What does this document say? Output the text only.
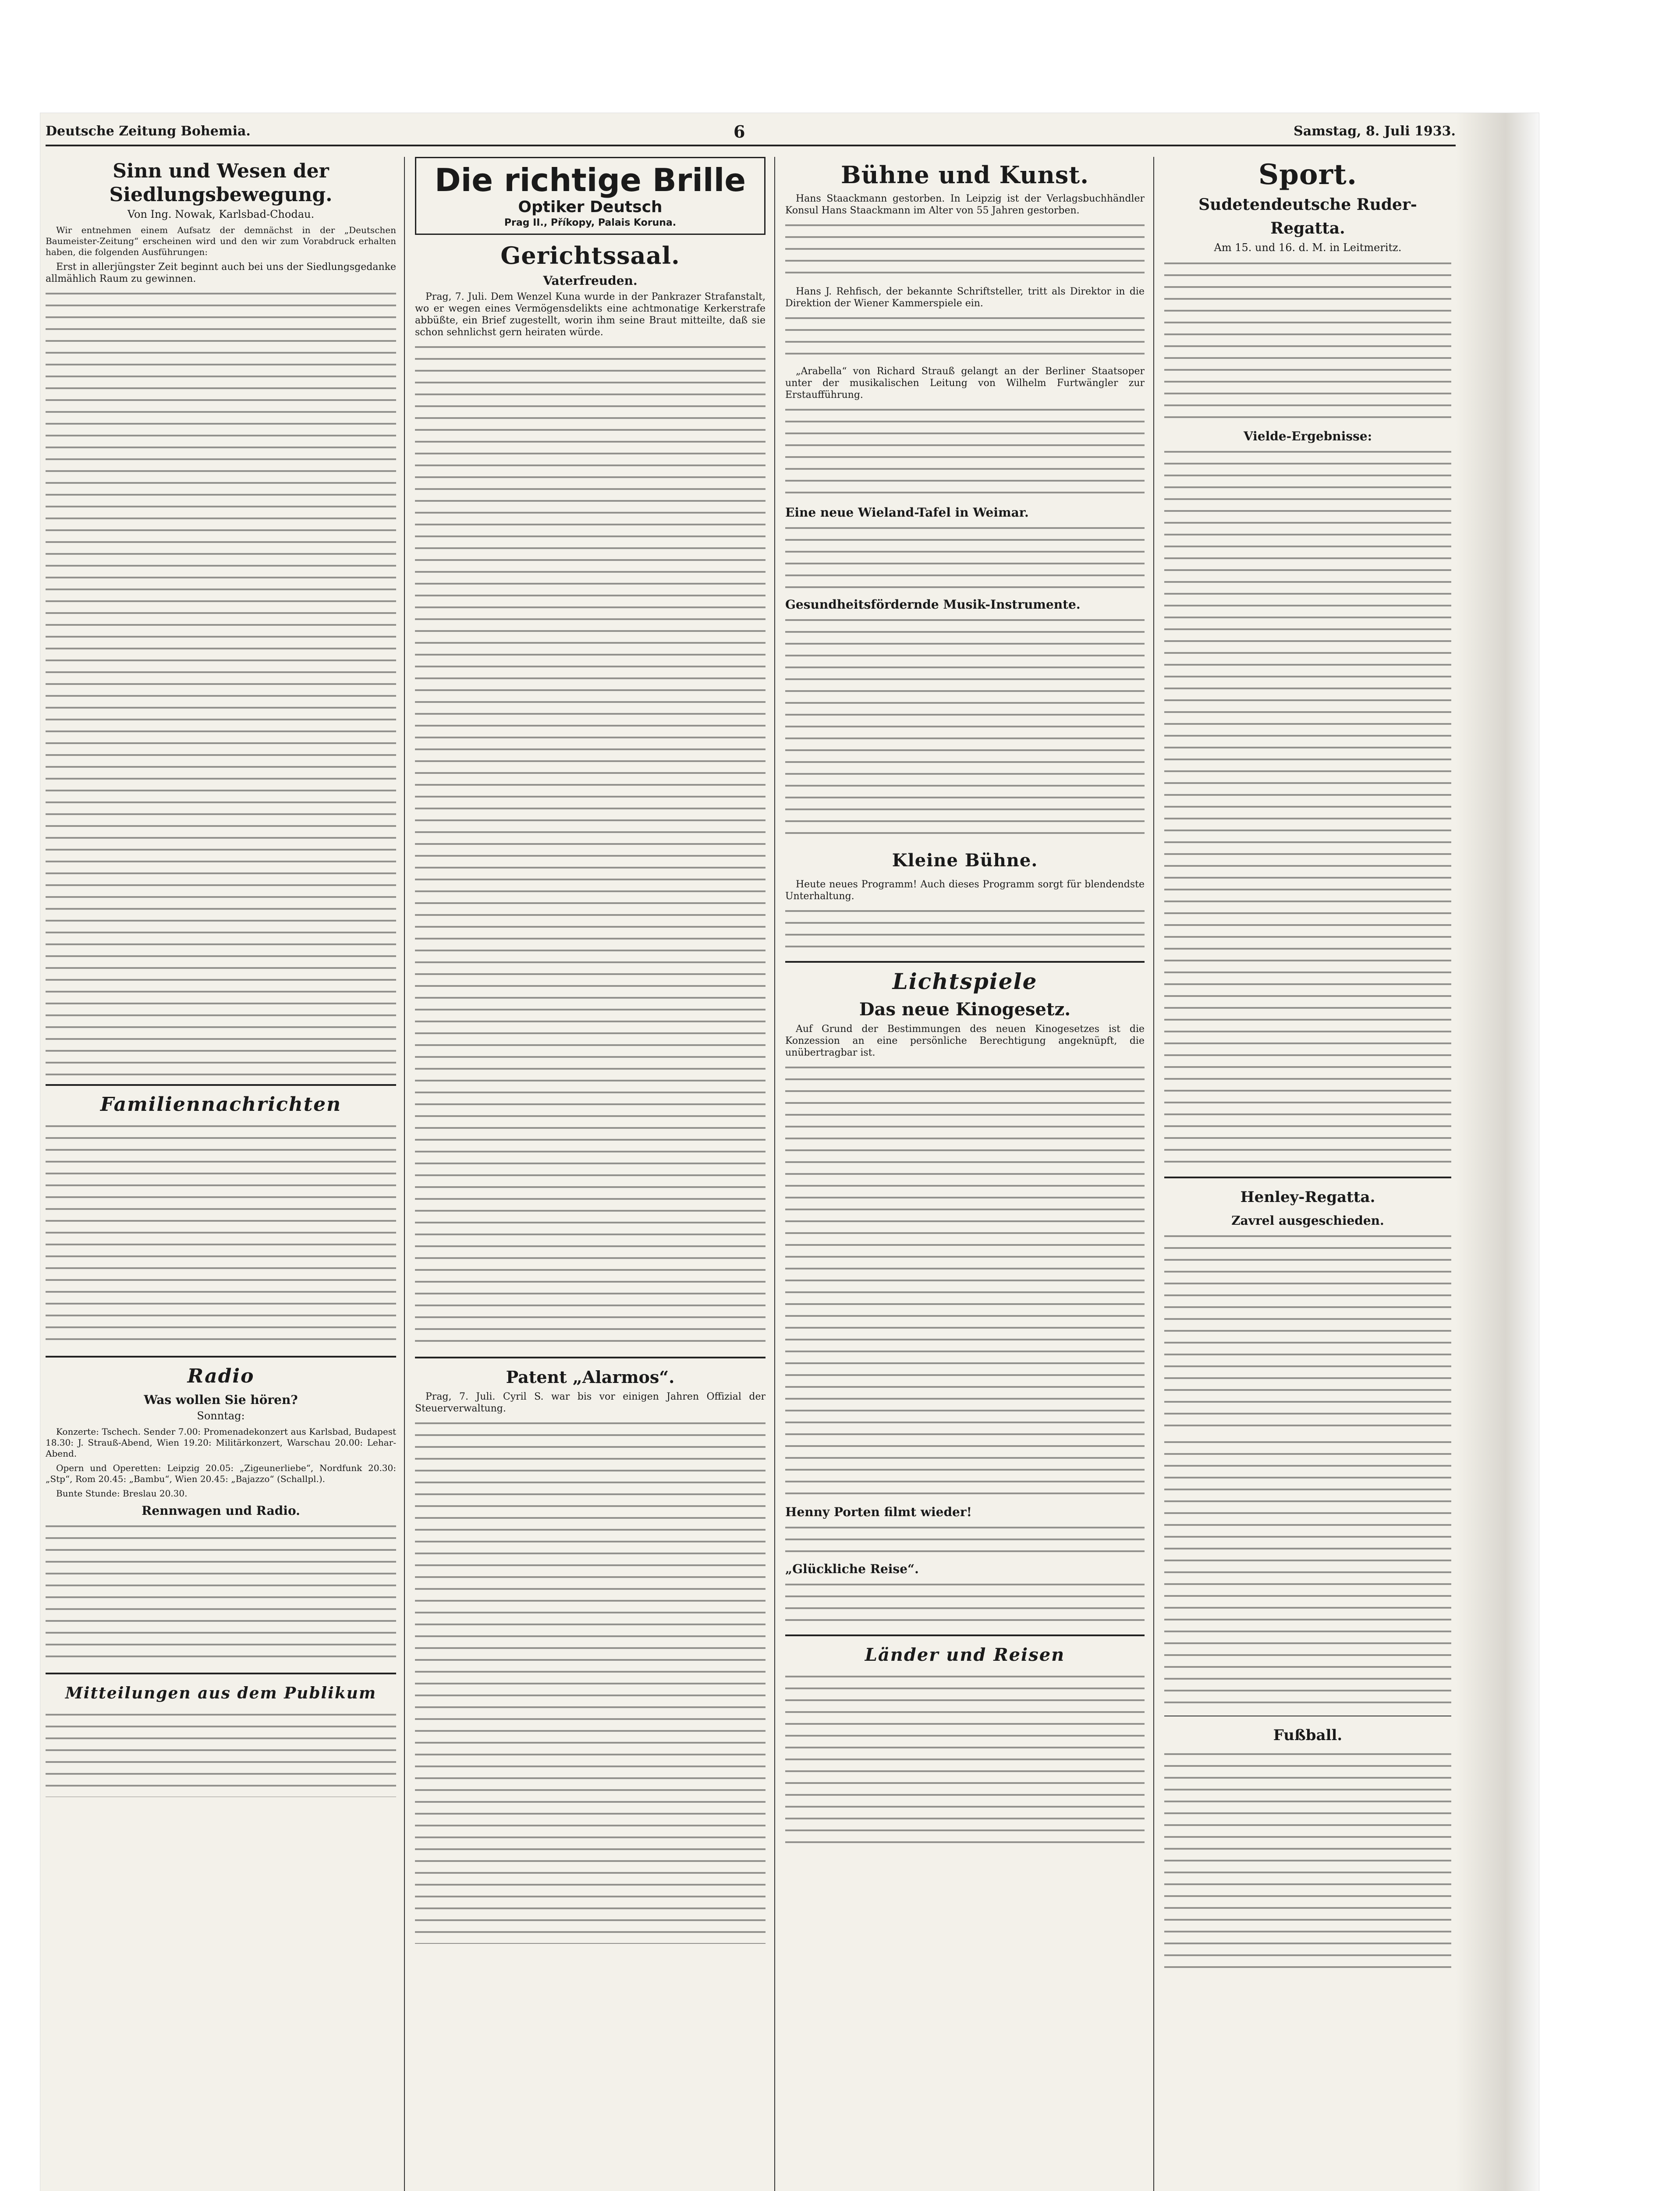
Deutsche Zeitung Bohemia.	6	Samstag, 8. Juli 1933.
Sinn und Wesen der Siedlungsbewegung.
Von Ing. Nowak, Karlsbad-Chodau.
Wir entnehmen einem Aufsatz der demnächst in der „Deutschen Baumeister-Zeitung“ erscheinen wird und den wir zum Vorabdruck erhalten haben, die folgenden Ausführungen:
Erst in allerjüngster Zeit beginnt auch bei uns der Siedlungsgedanke allmählich Raum zu gewinnen.
Familiennachrichten
Radio
Was wollen Sie hören?
Sonntag:
Konzerte: Tschech. Sender 7.00: Promenadekonzert aus Karlsbad, Budapest 18.30: J. Strauß-Abend, Wien 19.20: Militärkonzert, Warschau 20.00: Lehar-Abend.
Opern und Operetten: Leipzig 20.05: „Zigeunerliebe“, Nordfunk 20.30: „Stp“, Rom 20.45: „Bambu“, Wien 20.45: „Bajazzo“ (Schallpl.).
Bunte Stunde: Breslau 20.30.
Rennwagen und Radio.
Mitteilungen aus dem Publikum
Die richtige Brille
Optiker Deutsch
Prag II., Příkopy, Palais Koruna.
Gerichtssaal.
Vaterfreuden.
Prag, 7. Juli. Dem Wenzel Kuna wurde in der Pankrazer Strafanstalt, wo er wegen eines Vermögensdelikts eine achtmonatige Kerkerstrafe abbüßte, ein Brief zugestellt, worin ihm seine Braut mitteilte, daß sie schon sehnlichst gern heiraten würde.
Patent „Alarmos“.
Prag, 7. Juli. Cyril S. war bis vor einigen Jahren Offizial der Steuerverwaltung.
Bühne und Kunst.
Hans Staackmann gestorben. In Leipzig ist der Verlagsbuchhändler Konsul Hans Staackmann im Alter von 55 Jahren gestorben.
Hans J. Rehfisch, der bekannte Schriftsteller, tritt als Direktor in die Direktion der Wiener Kammerspiele ein.
„Arabella“ von Richard Strauß gelangt an der Berliner Staatsoper unter der musikalischen Leitung von Wilhelm Furtwängler zur Erstaufführung.
Eine neue Wieland-Tafel in Weimar.
Gesundheitsfördernde Musik-Instrumente.
Kleine Bühne.
Heute neues Programm! Auch dieses Programm sorgt für blendendste Unterhaltung.
Lichtspiele
Das neue Kinogesetz.
Auf Grund der Bestimmungen des neuen Kinogesetzes ist die Konzession an eine persönliche Berechtigung angeknüpft, die unübertragbar ist.
Henny Porten filmt wieder!
„Glückliche Reise“.
Länder und Reisen
Sport.
Sudetendeutsche Ruder-Regatta.
Am 15. und 16. d. M. in Leitmeritz.
Vielde-Ergebnisse:
Henley-Regatta.
Zavrel ausgeschieden.
Fußball.
